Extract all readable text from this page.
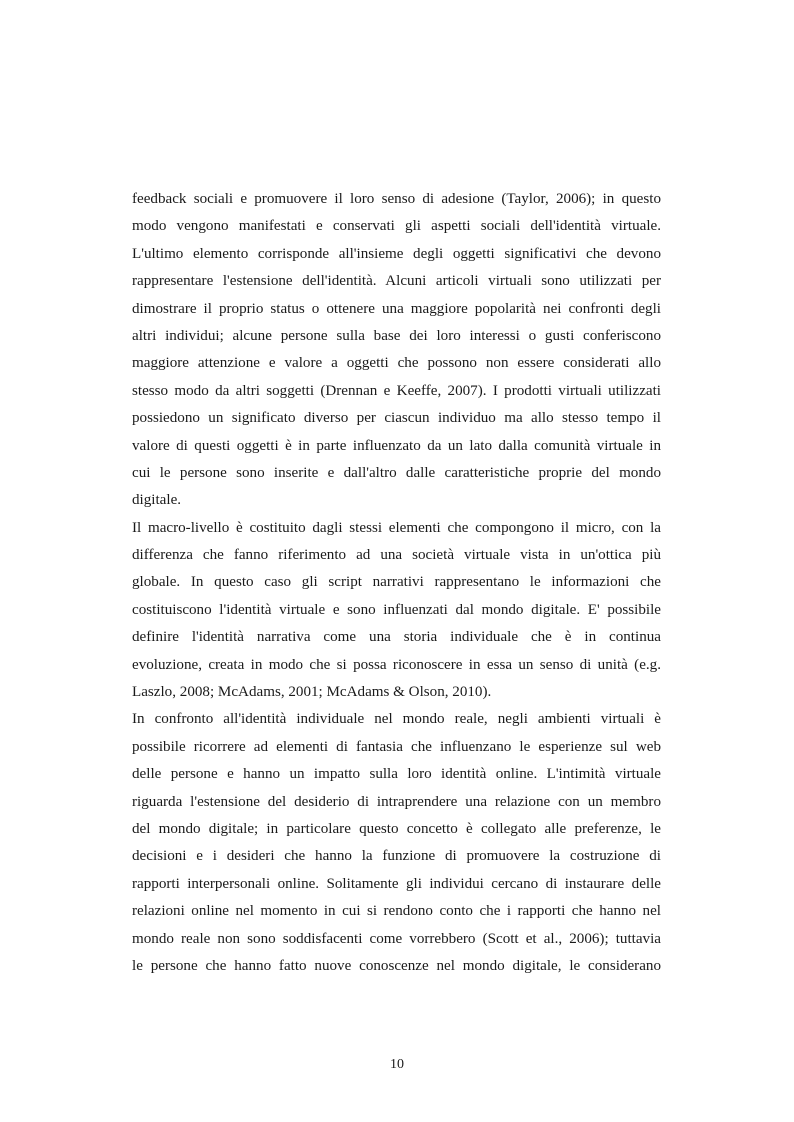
feedback sociali e promuovere il loro senso di adesione (Taylor, 2006); in questo
modo vengono manifestati e conservati gli aspetti sociali dell'identità virtuale.
L'ultimo elemento corrisponde all'insieme degli oggetti significativi che devono
rappresentare l'estensione dell'identità. Alcuni articoli virtuali sono utilizzati per
dimostrare il proprio status o ottenere una maggiore popolarità nei confronti degli
altri individui; alcune persone sulla base dei loro interessi o gusti conferiscono
maggiore attenzione e valore a oggetti che possono non essere considerati allo
stesso modo da altri soggetti (Drennan e Keeffe, 2007). I prodotti virtuali utilizzati
possiedono un significato diverso per ciascun individuo ma allo stesso tempo il
valore di questi oggetti è in parte influenzato da un lato dalla comunità virtuale in
cui le persone sono inserite e dall'altro dalle caratteristiche proprie del mondo
digitale.
Il macro-livello è costituito dagli stessi elementi che compongono il micro, con la
differenza che fanno riferimento ad una società virtuale vista in un'ottica più
globale. In questo caso gli script narrativi rappresentano le informazioni che
costituiscono l'identità virtuale e sono influenzati dal mondo digitale. E' possibile
definire l'identità narrativa come una storia individuale che è in continua
evoluzione, creata in modo che si possa riconoscere in essa un senso di unità (e.g.
Laszlo, 2008; McAdams, 2001; McAdams & Olson, 2010).
In confronto all'identità individuale nel mondo reale, negli ambienti virtuali è
possibile ricorrere ad elementi di fantasia che influenzano le esperienze sul web
delle persone e hanno un impatto sulla loro identità online. L'intimità virtuale
riguarda l'estensione del desiderio di intraprendere una relazione con un membro
del mondo digitale; in particolare questo concetto è collegato alle preferenze, le
decisioni e i desideri che hanno la funzione di promuovere la costruzione di
rapporti interpersonali online. Solitamente gli individui cercano di instaurare delle
relazioni online nel momento in cui si rendono conto che i rapporti che hanno nel
mondo reale non sono soddisfacenti come vorrebbero (Scott et al., 2006); tuttavia
le persone che hanno fatto nuove conoscenze nel mondo digitale, le considerano
10
